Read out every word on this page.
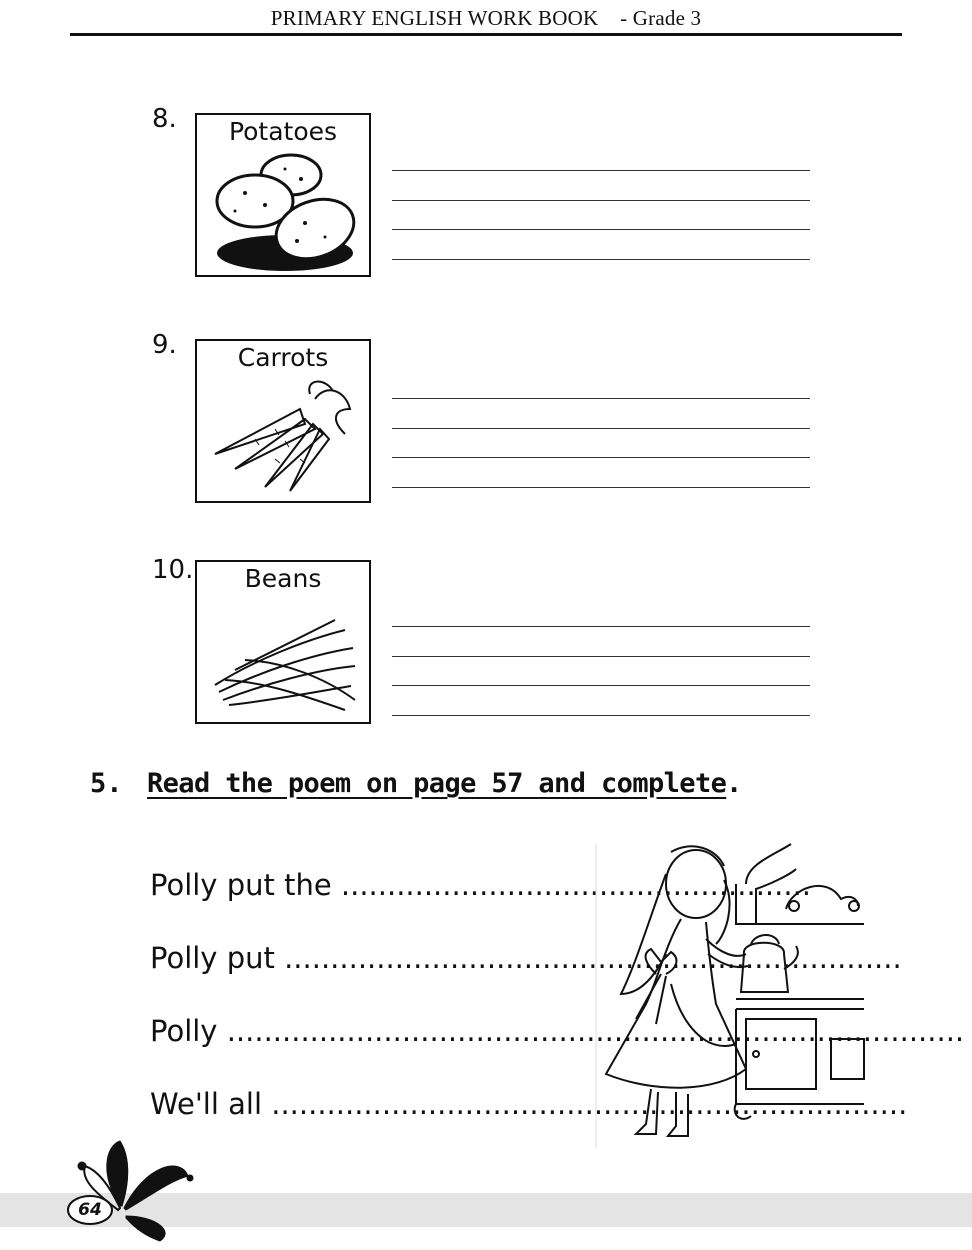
PRIMARY ENGLISH WORK BOOK - Grade 3
8.	Potatoes
9.	Carrots
10.	Beans
5. Read the poem on page 57 and complete .
Polly put the ...................................................
Polly put ...................................................................
Polly ................................................................................
We'll all .....................................................................
64
